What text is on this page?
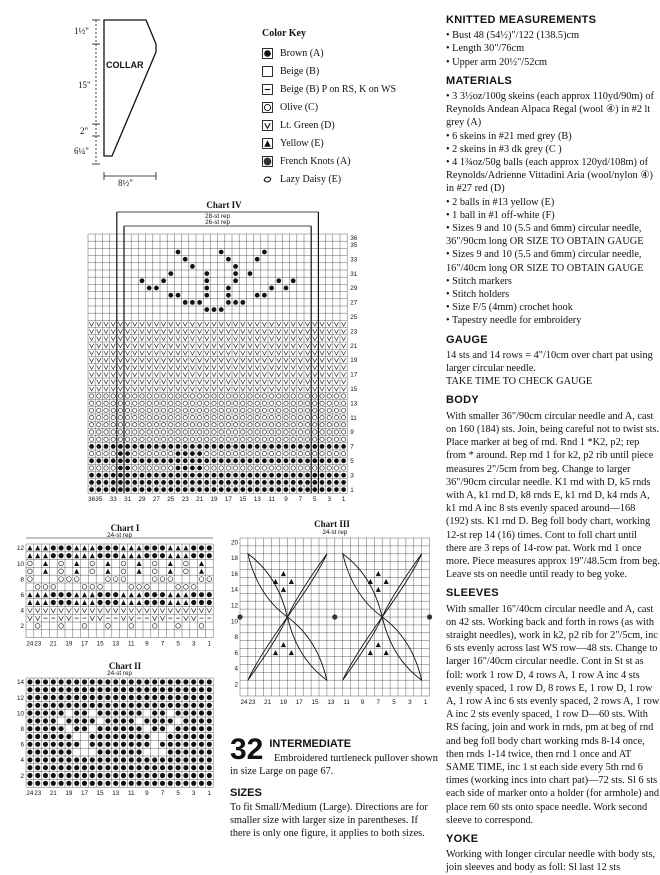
COLLAR
1½"
15"
2"
6¼"
8½"
Color Key
Brown (A)
Beige (B)
Beige (B) P on RS, K on WS
Olive (C)
Lt. Green (D)
Yellow (E)
French Knots (A)
Lazy Daisy (E)
Chart IV
28-st rep
26-st rep
36
35
33
31
29
27
25
23
21
19
17
15
13
11
9
7
5
3
1
36 35 33 31 29 27 25 23 21 19 17 15 13 11 9 7 5 3 1
Chart I
24-st rep
12
10
8
6
4
2
24 23 21 19 17 15 13 11 9 7 5 3 1
Chart II
24-st rep
14
12
10
8
6
4
2
24 23 21 19 17 15 13 11 9 7 5 3 1
Chart III
24-st rep
20
18
16
14
12
10
8
6
4
2
24 23 21 19 17 15 13 11 9 7 5 3 1
32 INTERMEDIATE

Embroidered turtleneck pullover shown in size Large on page 67.

SIZES

To fit Small/Medium (Large). Directions are for smaller size with larger size in parentheses. If there is only one figure, it applies to both sizes.

KNITTED MEASUREMENTS
• Bust 48 (54½)"/122 (138.5)cm
• Length 30"/76cm
• Upper arm 20½"/52cm
MATERIALS
• 3 3½oz/100g skeins (each approx 110yd/90m) of Reynolds Andean Alpaca Regal (wool ④) in #2 lt grey (A)
• 6 skeins in #21 med grey (B)
• 2 skeins in #3 dk grey (C )
• 4 1¾oz/50g balls (each approx 120yd/108m) of Reynolds/Adrienne Vittadini Aria (wool/nylon ④) in #27 red (D)
• 2 balls in #13 yellow (E)
• 1 ball in #1 off-white (F)
• Sizes 9 and 10 (5.5 and 6mm) circular needle, 36"/90cm long OR SIZE TO OBTAIN GAUGE
• Sizes 9 and 10 (5.5 and 6mm) circular needle, 16"/40cm long OR SIZE TO OBTAIN GAUGE
• Stitch markers
• Stitch holders
• Size F/5 (4mm) crochet hook
• Tapestry needle for embroidery
GAUGE

14 sts and 14 rows = 4"/10cm over chart pat using larger circular needle.

TAKE TIME TO CHECK GAUGE

BODY

With smaller 36"/90cm circular needle and A, cast on 160 (184) sts. Join, being careful not to twist sts. Place marker at beg of rnd. Rnd 1 *K2, p2; rep from * around. Rep rnd 1 for k2, p2 rib until piece measures 2"/5cm from beg. Change to larger 36"/90cm circular needle. K1 rnd with D, k5 rnds with A, k1 rnd D, k8 rnds E, k1 rnd D, k4 rnds A, k1 rnd A inc 8 sts evenly spaced around—168 (192) sts. K1 rnd D. Beg foll body chart, working 12-st rep 14 (16) times. Cont to foll chart until there are 3 reps of 14-row pat. Work rnd 1 once more. Piece measures approx 19"/48.5cm from beg. Leave sts on needle until ready to beg yoke.

SLEEVES

With smaller 16"/40cm circular needle and A, cast on 42 sts. Working back and forth in rows (as with straight needles), work in k2, p2 rib for 2"/5cm, inc 6 sts evenly across last WS row—48 sts. Change to larger 16"/40cm circular needle. Cont in St st as foll: work 1 row D, 4 rows A, 1 row A inc 4 sts evenly spaced, 1 row D, 8 rows E, 1 row D, 1 row A, 1 row A inc 6 sts evenly spaced, 2 rows A, 1 row A inc 2 sts evenly spaced, 1 row D—60 sts. With RS facing, join and work in rnds, pm at beg of rnd and beg foll body chart working rnds 8-14 once, then rnds 1-14 twice, then rnd 1 once and AT SAME TIME, inc 1 st each side every 5th rnd 6 times (working incs into chart pat)—72 sts. Sl 6 sts each side of marker onto a holder (for armhole) and place rem 60 sts onto space needle. Work second sleeve to correspond.

YOKE

Working with longer circular needle with body sts, join sleeves and body as foll: Sl last 12 sts
